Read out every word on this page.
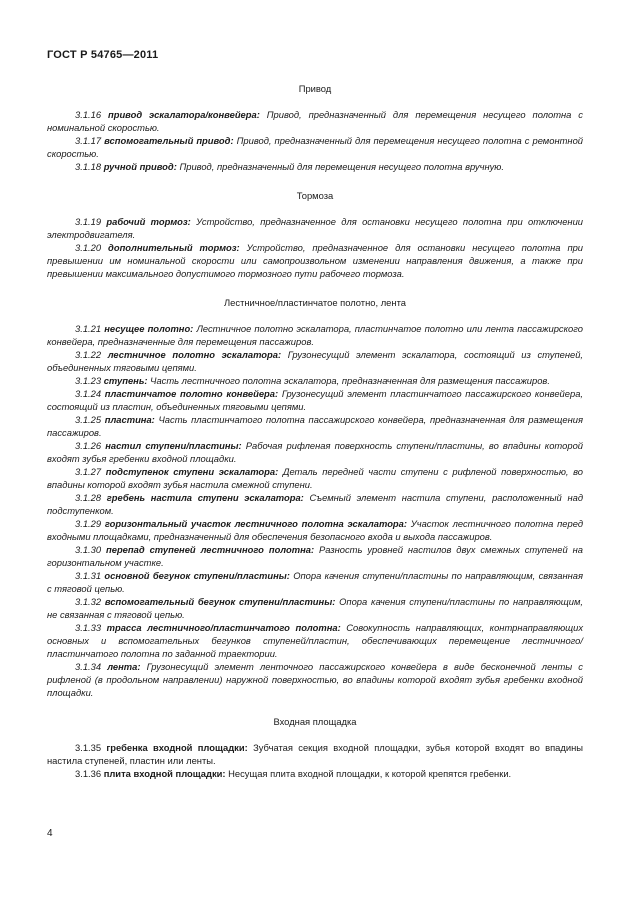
ГОСТ Р 54765—2011

Привод

3.1.16 привод эскалатора/конвейера: Привод, предназначенный для перемещения несущего полотна с номинальной скоростью.

3.1.17 вспомогательный привод: Привод, предназначенный для перемещения несущего полотна с ремонтной скоростью.

3.1.18 ручной привод: Привод, предназначенный для перемещения несущего полотна вручную.

Тормоза

3.1.19 рабочий тормоз: Устройство, предназначенное для остановки несущего полотна при отключении электродвигателя.

3.1.20 дополнительный тормоз: Устройство, предназначенное для остановки несущего полотна при превышении им номинальной скорости или самопроизвольном изменении направления движения, а также при превышении максимального допустимого тормозного пути рабочего тормоза.

Лестничное/пластинчатое полотно, лента

3.1.21 несущее полотно: Лестничное полотно эскалатора, пластинчатое полотно или лента пассажирского конвейера, предназначенные для перемещения пассажиров.

3.1.22 лестничное полотно эскалатора: Грузонесущий элемент эскалатора, состоящий из ступеней, объединенных тяговыми цепями.

3.1.23 ступень: Часть лестничного полотна эскалатора, предназначенная для размещения пассажиров.

3.1.24 пластинчатое полотно конвейера: Грузонесущий элемент пластинчатого пассажирского конвейера, состоящий из пластин, объединенных тяговыми цепями.

3.1.25 пластина: Часть пластинчатого полотна пассажирского конвейера, предназначенная для размещения пассажиров.

3.1.26 настил ступени/пластины: Рабочая рифленая поверхность ступени/пластины, во впадины которой входят зубья гребенки входной площадки.

3.1.27 подступенок ступени эскалатора: Деталь передней части ступени с рифленой поверхностью, во впадины которой входят зубья настила смежной ступени.

3.1.28 гребень настила ступени эскалатора: Съемный элемент настила ступени, расположенный над подступенком.

3.1.29 горизонтальный участок лестничного полотна эскалатора: Участок лестничного полотна перед входными площадками, предназначенный для обеспечения безопасного входа и выхода пассажиров.

3.1.30 перепад ступеней лестничного полотна: Разность уровней настилов двух смежных ступеней на горизонтальном участке.

3.1.31 основной бегунок ступени/пластины: Опора качения ступени/пластины по направляющим, связанная с тяговой цепью.

3.1.32 вспомогательный бегунок ступени/пластины: Опора качения ступени/пластины по направляющим, не связанная с тяговой цепью.

3.1.33 трасса лестничного/пластинчатого полотна: Совокупность направляющих, контрнаправляющих основных и вспомогательных бегунков ступеней/пластин, обеспечивающих перемещение лестничного/пластинчатого полотна по заданной траектории.

3.1.34 лента: Грузонесущий элемент ленточного пассажирского конвейера в виде бесконечной ленты с рифленой (в продольном направлении) наружной поверхностью, во впадины которой входят зубья гребенки входной площадки.

Входная площадка

3.1.35 гребенка входной площадки: Зубчатая секция входной площадки, зубья которой входят во впадины настила ступеней, пластин или ленты.

3.1.36 плита входной площадки: Несущая плита входной площадки, к которой крепятся гребенки.

4
